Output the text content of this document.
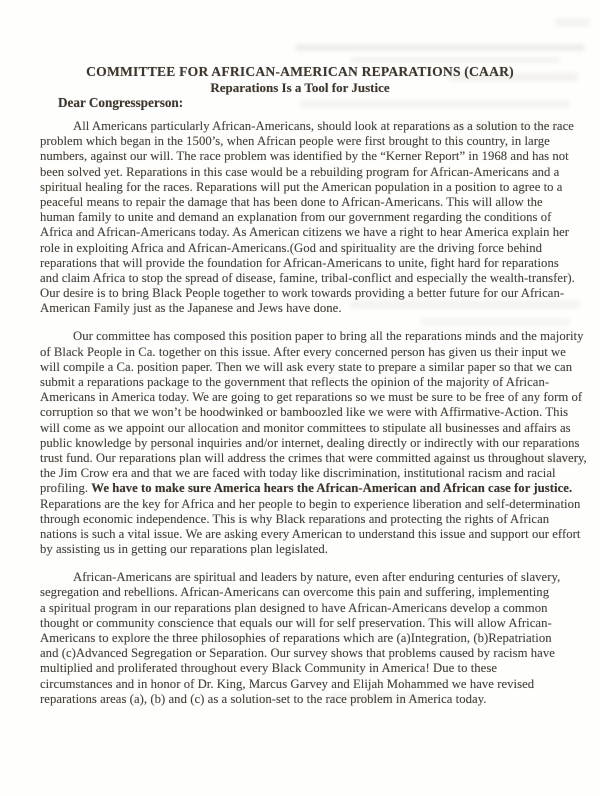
COMMITTEE FOR AFRICAN-AMERICAN REPARATIONS (CAAR)
Reparations Is a Tool for Justice
Dear Congressperson:
All Americans particularly African-Americans, should look at reparations as a solution to the race
problem which began in the 1500’s, when African people were first brought to this country, in large
numbers, against our will. The race problem was identified by the “Kerner Report” in 1968 and has not
been solved yet. Reparations in this case would be a rebuilding program for African-Americans and a
spiritual healing for the races. Reparations will put the American population in a position to agree to a
peaceful means to repair the damage that has been done to African-Americans. This will allow the
human family to unite and demand an explanation from our government regarding the conditions of
Africa and African-Americans today. As American citizens we have a right to hear America explain her
role in exploiting Africa and African-Americans.(God and spirituality are the driving force behind
reparations that will provide the foundation for African-Americans to unite, fight hard for reparations
and claim Africa to stop the spread of disease, famine, tribal-conflict and especially the wealth-transfer).
Our desire is to bring Black People together to work towards providing a better future for our African-
American Family just as the Japanese and Jews have done.
Our committee has composed this position paper to bring all the reparations minds and the majority
of Black People in Ca. together on this issue. After every concerned person has given us their input we
will compile a Ca. position paper. Then we will ask every state to prepare a similar paper so that we can
submit a reparations package to the government that reflects the opinion of the majority of African-
Americans in America today. We are going to get reparations so we must be sure to be free of any form of
corruption so that we won’t be hoodwinked or bamboozled like we were with Affirmative-Action. This
will come as we appoint our allocation and monitor committees to stipulate all businesses and affairs as
public knowledge by personal inquiries and/or internet, dealing directly or indirectly with our reparations
trust fund. Our reparations plan will address the crimes that were committed against us throughout slavery,
the Jim Crow era and that we are faced with today like discrimination, institutional racism and racial
profiling. We have to make sure America hears the African-American and African case for justice.
Reparations are the key for Africa and her people to begin to experience liberation and self-determination
through economic independence. This is why Black reparations and protecting the rights of African
nations is such a vital issue. We are asking every American to understand this issue and support our effort
by assisting us in getting our reparations plan legislated.
African-Americans are spiritual and leaders by nature, even after enduring centuries of slavery,
segregation and rebellions. African-Americans can overcome this pain and suffering, implementing
a spiritual program in our reparations plan designed to have African-Americans develop a common
thought or community conscience that equals our will for self preservation. This will allow African-
Americans to explore the three philosophies of reparations which are (a)Integration, (b)Repatriation
and (c)Advanced Segregation or Separation. Our survey shows that problems caused by racism have
multiplied and proliferated throughout every Black Community in America! Due to these
circumstances and in honor of Dr. King, Marcus Garvey and Elijah Mohammed we have revised
reparations areas (a), (b) and (c) as a solution-set to the race problem in America today.
